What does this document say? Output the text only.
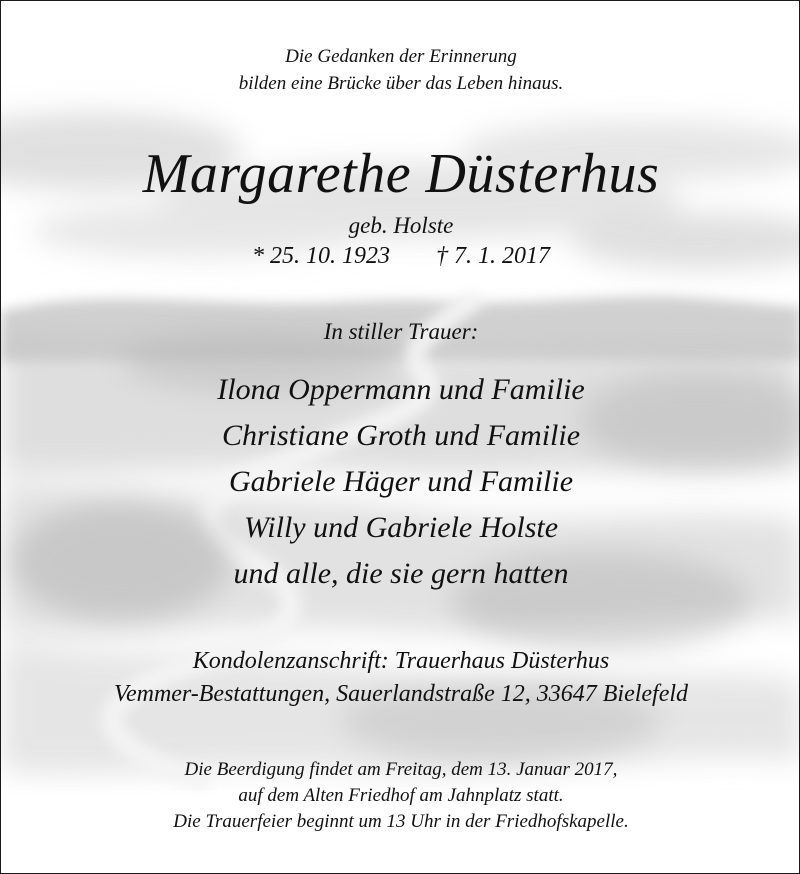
Die Gedanken der Erinnerung
bilden eine Brücke über das Leben hinaus.
Margarethe Düsterhus
geb. Holste
* 25. 10. 1923 † 7. 1. 2017
In stiller Trauer:
Ilona Oppermann und Familie
Christiane Groth und Familie
Gabriele Häger und Familie
Willy und Gabriele Holste
und alle, die sie gern hatten
Kondolenzanschrift: Trauerhaus Düsterhus
Vemmer-Bestattungen, Sauerlandstraße 12, 33647 Bielefeld
Die Beerdigung findet am Freitag, dem 13. Januar 2017,
auf dem Alten Friedhof am Jahnplatz statt.
Die Trauerfeier beginnt um 13 Uhr in der Friedhofskapelle.
